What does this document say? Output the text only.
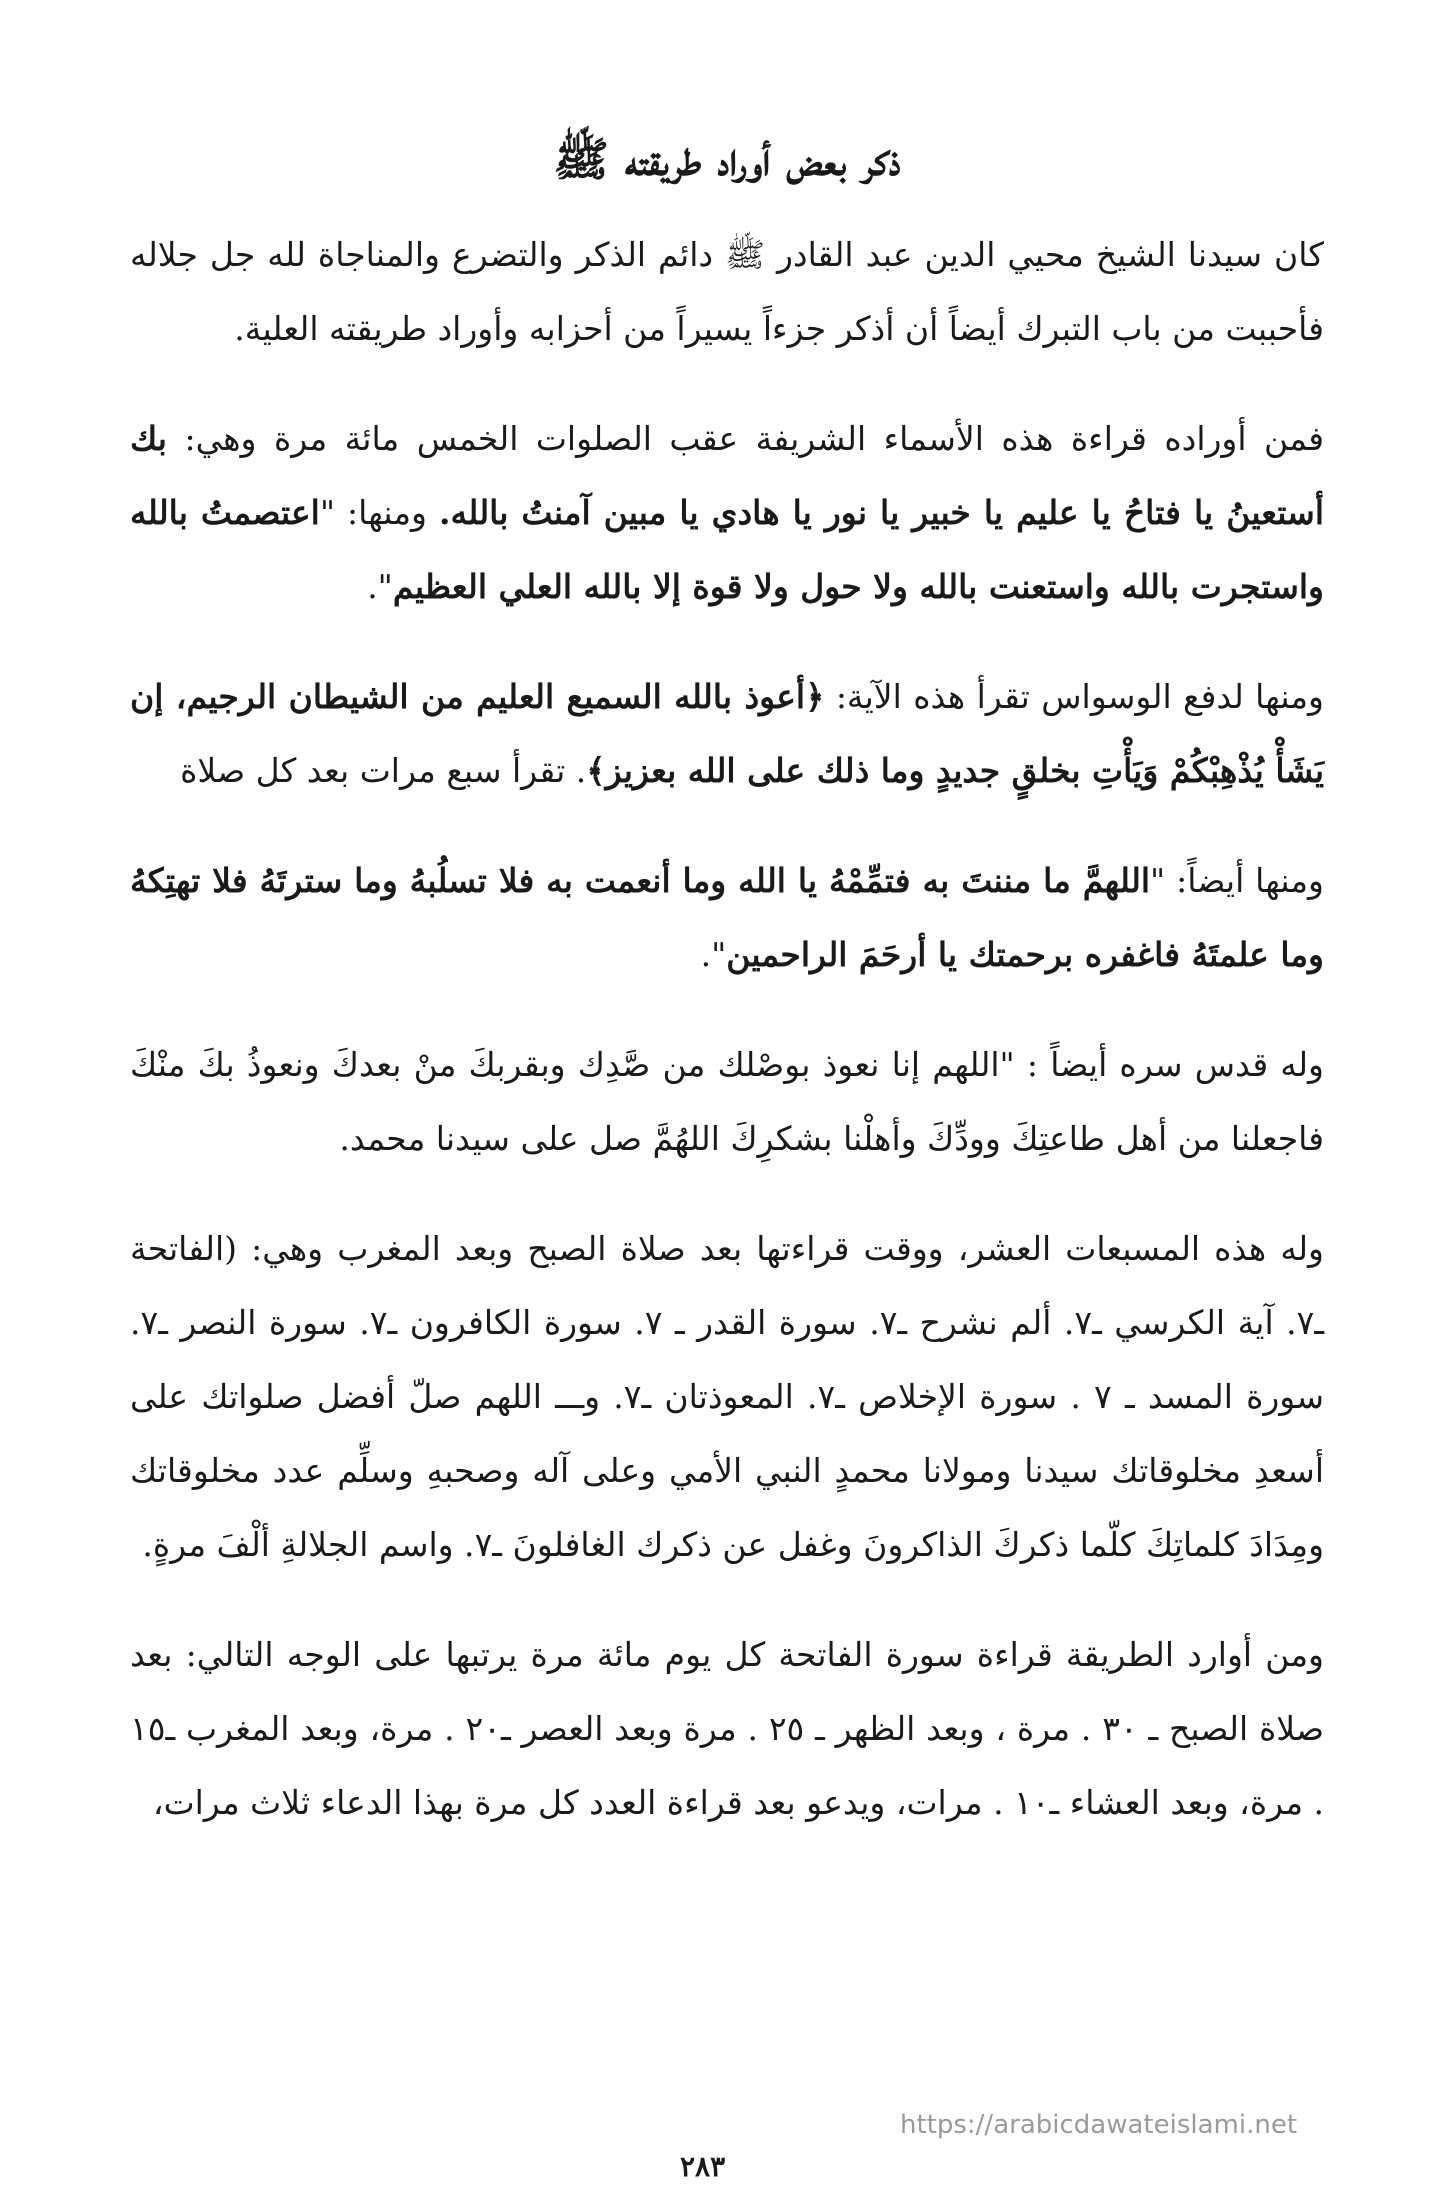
ذكر بعض أوراد طريقته ﷺ

كان سيدنا الشيخ محيي الدين عبد القادر ﷺ دائم الذكر والتضرع والمناجاة لله جل جلاله فأحببت من باب التبرك أيضاً أن أذكر جزءاً يسيراً من أحزابه وأوراد طريقته العلية.

فمن أوراده قراءة هذه الأسماء الشريفة عقب الصلوات الخمس مائة مرة وهي: بك أستعينُ يا فتاحُ يا عليم يا خبير يا نور يا هادي يا مبين آمنتُ بالله. ومنها: "اعتصمتُ بالله واستجرت بالله واستعنت بالله ولا حول ولا قوة إلا بالله العلي العظيم".

ومنها لدفع الوسواس تقرأ هذه الآية: ﴿أعوذ بالله السميع العليم من الشيطان الرجيم، إن يَشَأْ يُذْهِبْكُمْ وَيَأْتِ بخلقٍ جديدٍ وما ذلك على الله بعزيز﴾. تقرأ سبع مرات بعد كل صلاة

ومنها أيضاً: "اللهمَّ ما مننتَ به فتمِّمْهُ يا الله وما أنعمت به فلا تسلُبهُ وما سترتَهُ فلا تهتِكهُ وما علمتَهُ فاغفره برحمتك يا أرحَمَ الراحمين".

وله قدس سره أيضاً : "اللهم إنا نعوذ بوصْلك من صَّدِك وبقربكَ منْ بعدكَ ونعوذُ بكَ منْكَ فاجعلنا من أهل طاعتِكَ وودِّكَ وأهلْنا بشكرِكَ اللهُمَّ صل على سيدنا محمد.

وله هذه المسبعات العشر، ووقت قراءتها بعد صلاة الصبح وبعد المغرب وهي: (الفاتحة ـ٧. آية الكرسي ـ٧. ألم نشرح ـ٧. سورة القدر ـ ٧. سورة الكافرون ـ٧. سورة النصر ـ٧. سورة المسد ـ ٧ . سورة الإخلاص ـ٧. المعوذتان ـ٧. وـــ اللهم صلّ أفضل صلواتك على أسعدِ مخلوقاتك سيدنا ومولانا محمدٍ النبي الأمي وعلى آله وصحبهِ وسلِّم عدد مخلوقاتك ومِدَادَ كلماتِكَ كلّما ذكركَ الذاكرونَ وغفل عن ذكرك الغافلونَ ـ٧. واسم الجلالةِ ألْفَ مرةٍ.

ومن أوارد الطريقة قراءة سورة الفاتحة كل يوم مائة مرة يرتبها على الوجه التالي: بعد صلاة الصبح ـ ٣٠ . مرة ، وبعد الظهر ـ ٢٥ . مرة وبعد العصر ـ٢٠ . مرة، وبعد المغرب ـ١٥ . مرة، وبعد العشاء ـ١٠ . مرات، ويدعو بعد قراءة العدد كل مرة بهذا الدعاء ثلاث مرات،

https://arabicdawateislami.net
٢٨٣
